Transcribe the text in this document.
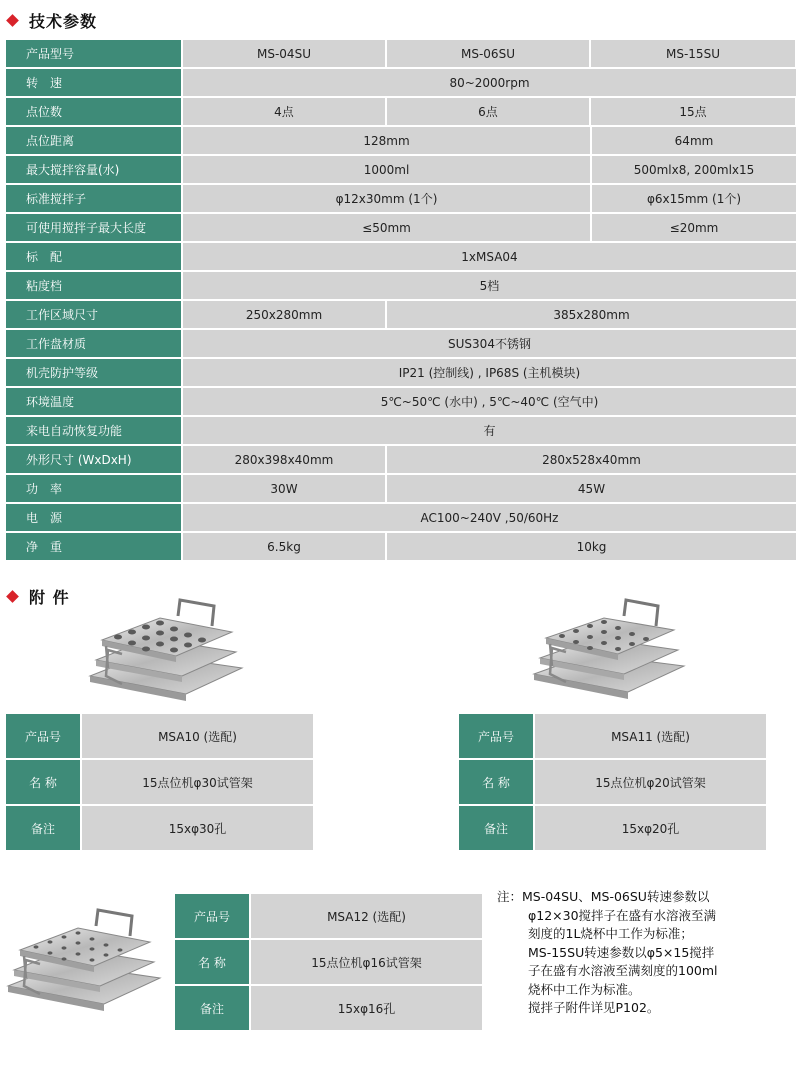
技术参数
产品型号	MS-04SU	MS-06SU	MS-15SU
转　速	80~2000rpm
点位数	4点	6点	15点
点位距离	128mm	64mm
最大搅拌容量(水)	1000ml	500mlx8, 200mlx15
标准搅拌子	φ12x30mm (1个)	φ6x15mm (1个)
可使用搅拌子最大长度	≤50mm	≤20mm
标　配	1xMSA04
粘度档	5档
工作区域尺寸	250x280mm	385x280mm
工作盘材质	SUS304不锈钢
机壳防护等级	IP21 (控制线) , IP68S (主机模块)
环境温度	5℃~50℃ (水中) , 5℃~40℃ (空气中)
来电自动恢复功能	有
外形尺寸 (WxDxH)	280x398x40mm	280x528x40mm
功　率	30W	45W
电　源	AC100~240V ,50/60Hz
净　重	6.5kg	10kg
附 件
产品号	MSA10 (选配)
名 称	15点位机φ30试管架
备注	15xφ30孔
产品号	MSA11 (选配)
名 称	15点位机φ20试管架
备注	15xφ20孔
产品号	MSA12 (选配)
名 称	15点位机φ16试管架
备注	15xφ16孔
注：MS-04SU、MS-06SU转速参数以
φ12×30搅拌子在盛有水溶液至满
刻度的1L烧杯中工作为标准；
MS-15SU转速参数以φ5×15搅拌
子在盛有水溶液至满刻度的100ml
烧杯中工作为标准。
搅拌子附件详见P102。
